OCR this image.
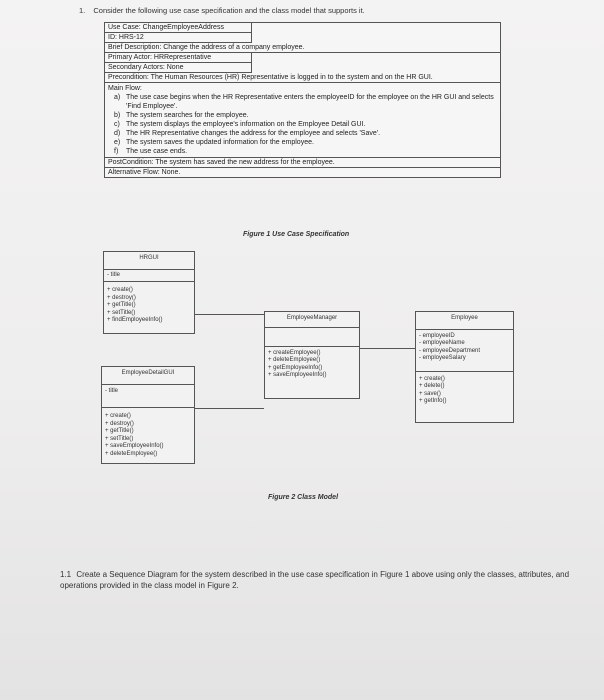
1. Consider the following use case specification and the class model that supports it.
Use Case: ChangeEmployeeAddress
ID: HRS-12
Brief Description: Change the address of a company employee.
Primary Actor: HRRepresentative
Secondary Actors: None
Precondition: The Human Resources (HR) Representative is logged in to the system and on the HR GUI.
Main Flow:
a) The use case begins when the HR Representative enters the employeeID for the employee on the HR GUI and selects 'Find Employee'.
b) The system searches for the employee.
c) The system displays the employee's information on the Employee Detail GUI.
d) The HR Representative changes the address for the employee and selects 'Save'.
e) The system saves the updated information for the employee.
f)	The use case ends.
PostCondition: The system has saved the new address for the employee.
Alternative Flow: None.
Figure 1 Use Case Specification
HRGUI
- title
+ create()
+ destroy()
+ getTitle()
+ setTitle()
+ findEmployeeInfo()	EmployeeManager
+ createEmployee()
+ deleteEmployee()
+ getEmployeeInfo()
+ saveEmployeeInfo()
Employee
- employeeID
- employeeName
- employeeDepartment
- employeeSalary
+ create()
+ delete()
+ save()
+ getInfo()
EmployeeDetailGUI
- title
+ create()
+ destroy()
+ getTitle()
+ setTitle()
+ saveEmployeeInfo()
+ deleteEmployee()
Figure 2 Class Model
1.1 Create a Sequence Diagram for the system described in the use case specification in Figure 1 above using only the classes, attributes, and operations provided in the class model in Figure 2.
